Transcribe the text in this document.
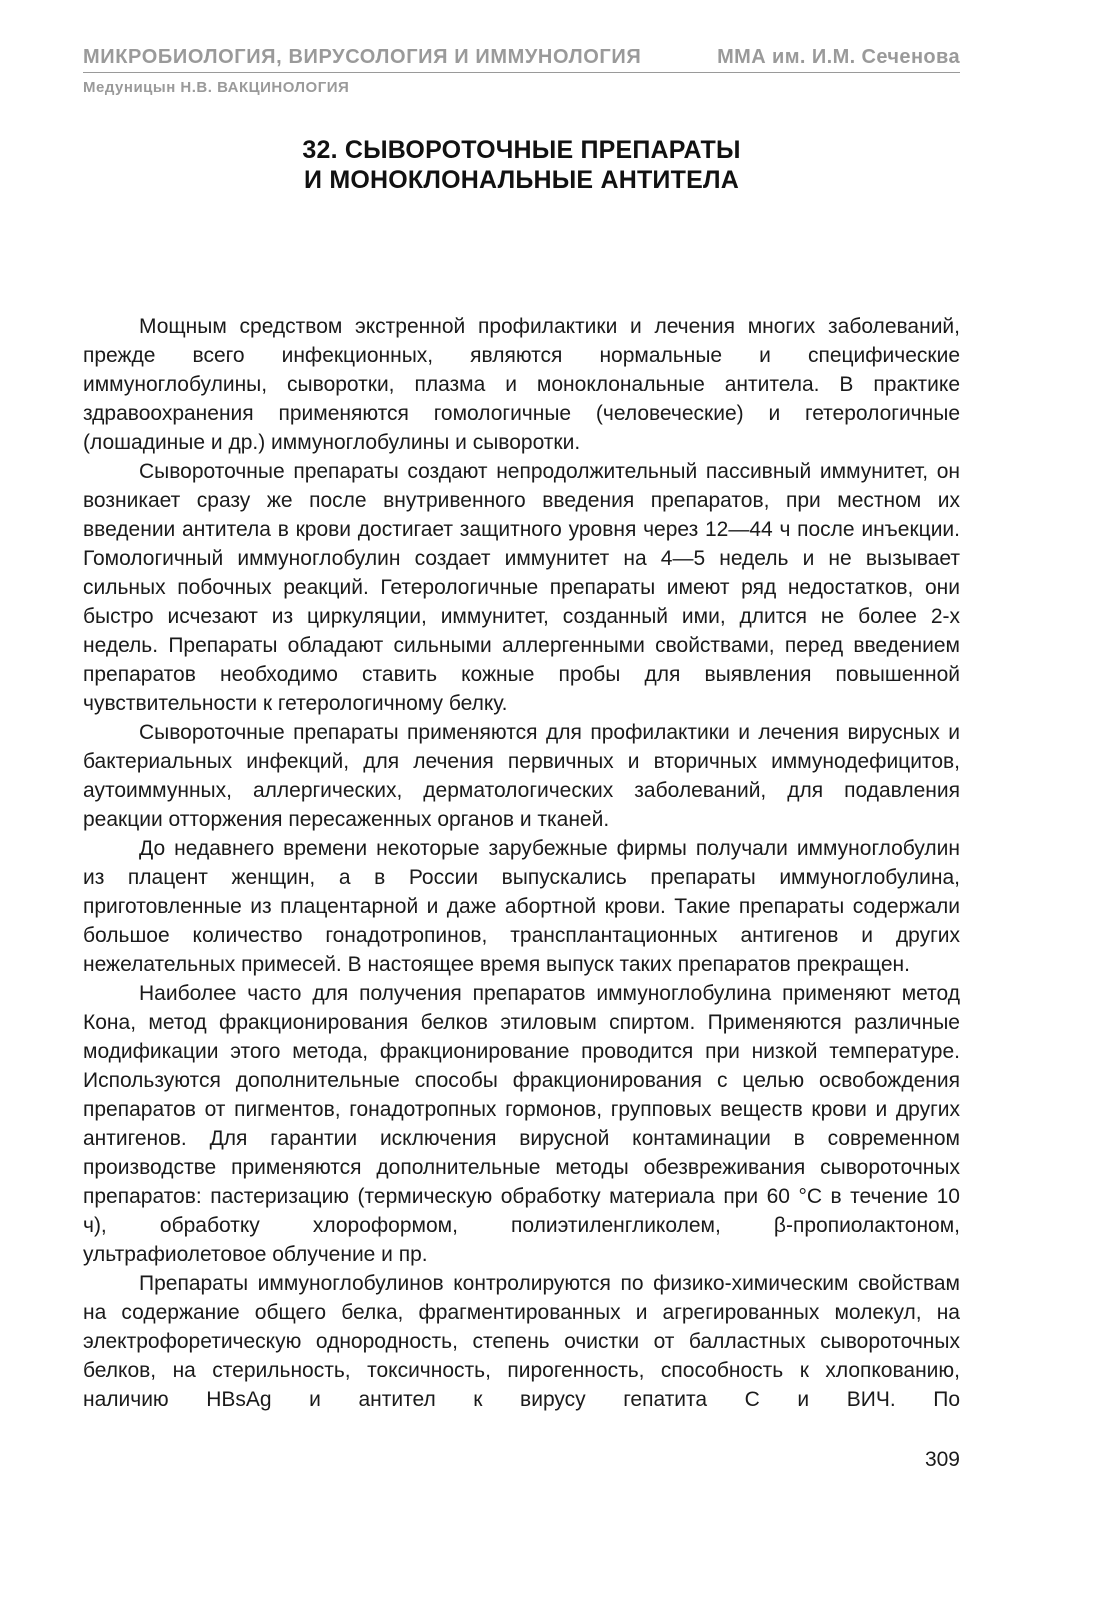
МИКРОБИОЛОГИЯ, ВИРУСОЛОГИЯ И ИММУНОЛОГИЯ	ММА им. И.М. Сеченова
Медуницын Н.В. ВАКЦИНОЛОГИЯ
32. СЫВОРОТОЧНЫЕ ПРЕПАРАТЫ
И МОНОКЛОНАЛЬНЫЕ АНТИТЕЛА

Мощным средством экстренной профилактики и лечения многих заболеваний, прежде всего инфекционных, являются нормальные и специфические иммуноглобулины, сыворотки, плазма и моноклональные антитела. В практике здравоохранения применяются гомологичные (человеческие) и гетерологичные (лошадиные и др.) иммуноглобулины и сыворотки.

Сывороточные препараты создают непродолжительный пассивный иммунитет, он возникает сразу же после внутривенного введения препаратов, при местном их введении антитела в крови достигает защитного уровня через 12—44 ч после инъекции. Гомологичный иммуноглобулин создает иммунитет на 4—5 недель и не вызывает сильных побочных реакций. Гетерологичные препараты имеют ряд недостатков, они быстро исчезают из циркуляции, иммунитет, созданный ими, длится не более 2-х недель. Препараты обладают сильными аллергенными свойствами, перед введением препаратов необходимо ставить кожные пробы для выявления повышенной чувствительности к гетерологичному белку.

Сывороточные препараты применяются для профилактики и лечения вирусных и бактериальных инфекций, для лечения первичных и вторичных иммунодефицитов, аутоиммунных, аллергических, дерматологических заболеваний, для подавления реакции отторжения пересаженных органов и тканей.

До недавнего времени некоторые зарубежные фирмы получали иммуноглобулин из плацент женщин, а в России выпускались препараты иммуноглобулина, приготовленные из плацентарной и даже абортной крови. Такие препараты содержали большое количество гонадотропинов, трансплантационных антигенов и других нежелательных примесей. В настоящее время выпуск таких препаратов прекращен.

Наиболее часто для получения препаратов иммуноглобулина применяют метод Кона, метод фракционирования белков этиловым спиртом. Применяются различные модификации этого метода, фракционирование проводится при низкой температуре. Используются дополнительные способы фракционирования с целью освобождения препаратов от пигментов, гонадотропных гормонов, групповых веществ крови и других антигенов. Для гарантии исключения вирусной контаминации в современном производстве применяются дополнительные методы обезвреживания сывороточных препаратов: пастеризацию (термическую обработку материала при 60 °С в течение 10 ч), обработку хлороформом, полиэтиленгликолем, β-пропиолактоном, ультрафиолетовое облучение и пр.

Препараты иммуноглобулинов контролируются по физико-химическим свойствам на содержание общего белка, фрагментированных и агрегированных молекул, на электрофоретическую однородность, степень очистки от балластных сывороточных белков, на стерильность, токсичность, пирогенность, способность к хлопкованию, наличию HBsAg и антител к вирусу гепатита С и ВИЧ. По

309
